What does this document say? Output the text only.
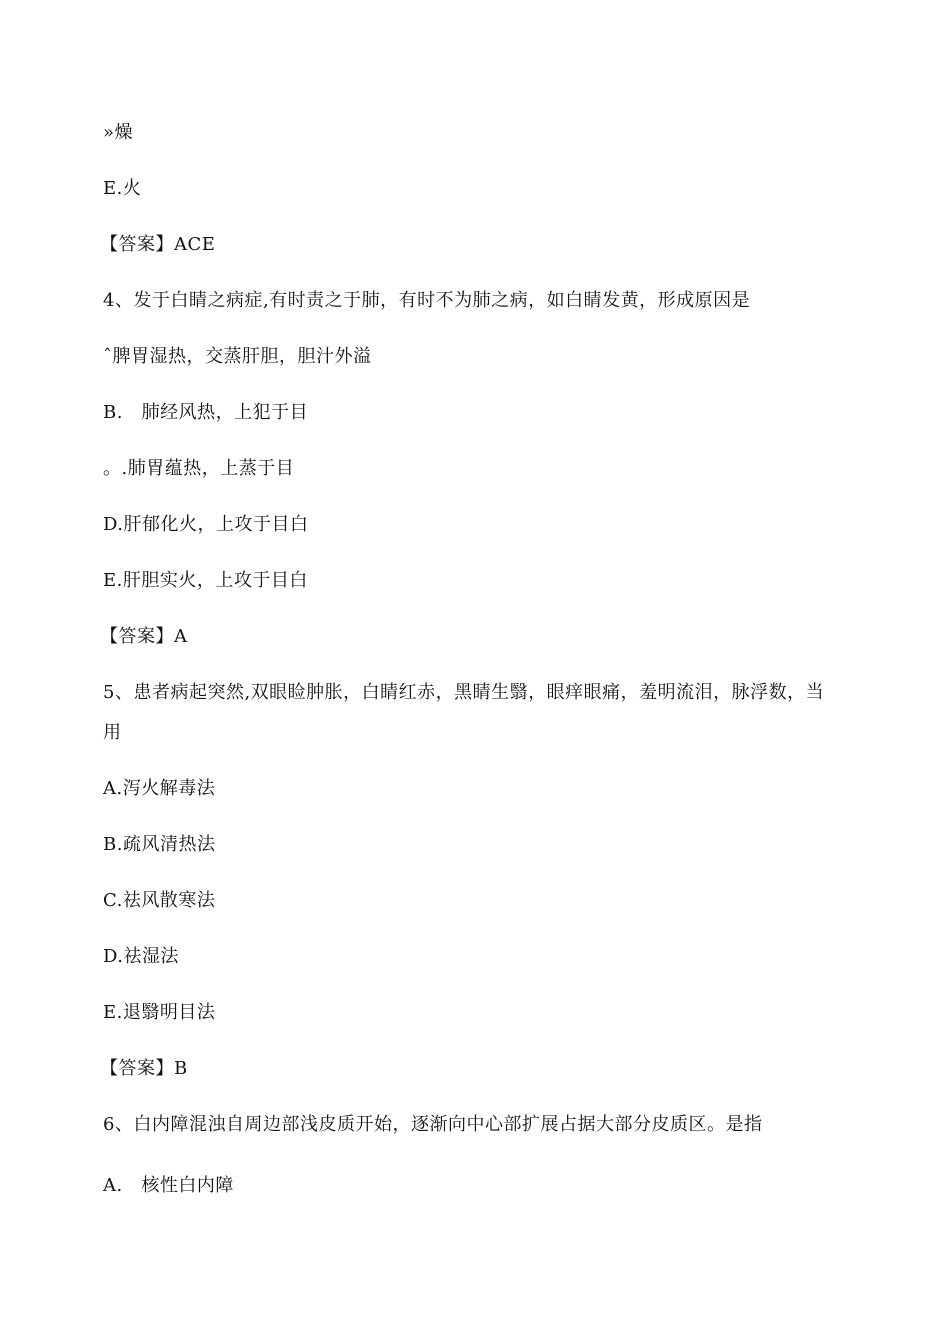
»燥
E.火
【答案】ACE
4、发于白睛之病症,有时责之于肺，有时不为肺之病，如白睛发黄，形成原因是
ˆ脾胃湿热，交蒸肝胆，胆汁外溢
B.   肺经风热，上犯于目
。.肺胃蕴热，上蒸于目
D.肝郁化火，上攻于目白
E.肝胆实火，上攻于目白
【答案】A
5、患者病起突然,双眼睑肿胀，白睛红赤，黑睛生翳，眼痒眼痛，羞明流泪，脉浮数，当
用
A.泻火解毒法
B.疏风清热法
C.祛风散寒法
D.祛湿法
E.退翳明目法
【答案】B
6、白内障混浊自周边部浅皮质开始，逐渐向中心部扩展占据大部分皮质区。是指
A.   核性白内障
